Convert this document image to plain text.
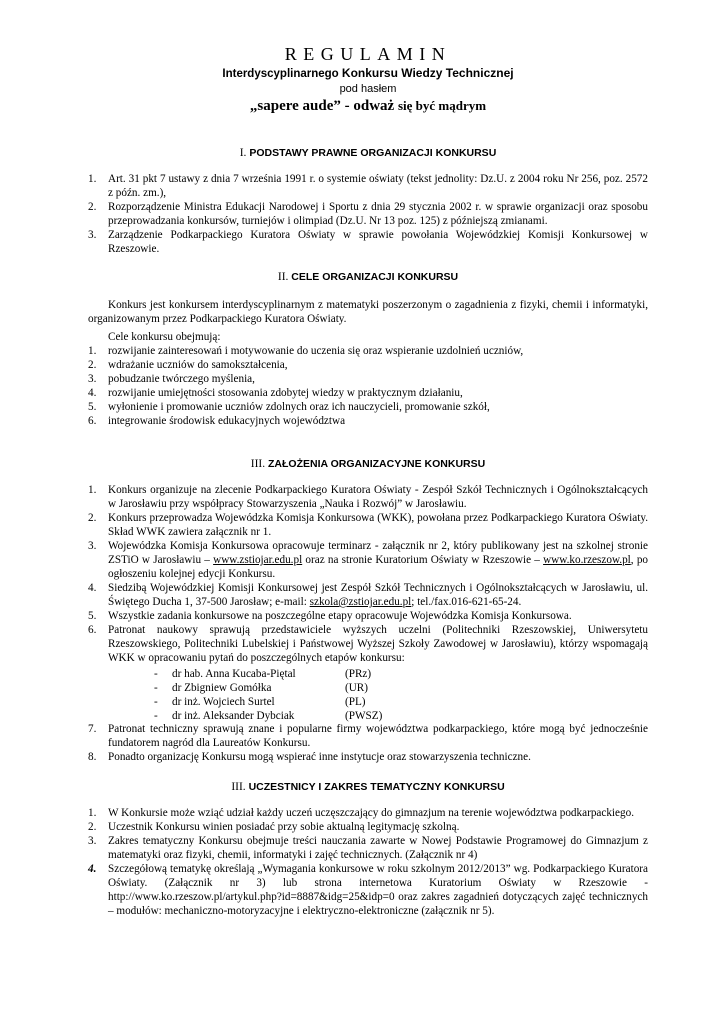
REGULAMIN
Interdyscyplinarnego Konkursu Wiedzy Technicznej
pod hasłem
„sapere aude” - odważ się być mądrym
I. PODSTAWY PRAWNE ORGANIZACJI KONKURSU
1. Art. 31 pkt 7 ustawy z dnia 7 września 1991 r. o systemie oświaty (tekst jednolity: Dz.U. z 2004 roku Nr 256, poz. 2572 z późn. zm.),
2. Rozporządzenie Ministra Edukacji Narodowej i Sportu z dnia 29 stycznia 2002 r. w sprawie organizacji oraz sposobu przeprowadzania konkursów, turniejów i olimpiad (Dz.U. Nr 13 poz. 125) z późniejszą zmianami.
3. Zarządzenie Podkarpackiego Kuratora Oświaty w sprawie powołania Wojewódzkiej Komisji Konkursowej w Rzeszowie.
II. CELE ORGANIZACJI KONKURSU
Konkurs jest konkursem interdyscyplinarnym z matematyki poszerzonym o zagadnienia z fizyki, chemii i informatyki, organizowanym przez Podkarpackiego Kuratora Oświaty.
Cele konkursu obejmują:
1. rozwijanie zainteresowań i motywowanie do uczenia się oraz wspieranie uzdolnień uczniów,
2. wdrażanie uczniów do samokształcenia,
3. pobudzanie twórczego myślenia,
4. rozwijanie umiejętności stosowania zdobytej wiedzy w praktycznym działaniu,
5. wyłonienie i promowanie uczniów zdolnych oraz ich nauczycieli, promowanie szkół,
6. integrowanie środowisk edukacyjnych województwa
III. ZAŁOŻENIA ORGANIZACYJNE KONKURSU
1. Konkurs organizuje na zlecenie Podkarpackiego Kuratora Oświaty - Zespół Szkół Technicznych i Ogólnokształcących w Jarosławiu przy współpracy Stowarzyszenia „Nauka i Rozwój” w Jarosławiu.
2. Konkurs przeprowadza Wojewódzka Komisja Konkursowa (WKK), powołana przez Podkarpackiego Kuratora Oświaty. Skład WWK zawiera załącznik nr 1.
3. Wojewódzka Komisja Konkursowa opracowuje terminarz - załącznik nr 2, który publikowany jest na szkolnej stronie ZSTiO w Jarosławiu – www.zstiojar.edu.pl oraz na stronie Kuratorium Oświaty w Rzeszowie – www.ko.rzeszow.pl, po ogłoszeniu kolejnej edycji Konkursu.
4. Siedzibą Wojewódzkiej Komisji Konkursowej jest Zespół Szkół Technicznych i Ogólnokształcących w Jarosławiu, ul. Świętego Ducha 1, 37-500 Jarosław; e-mail: szkola@zstiojar.edu.pl; tel./fax.016-621-65-24.
5. Wszystkie zadania konkursowe na poszczególne etapy opracowuje Wojewódzka Komisja Konkursowa.
6. Patronat naukowy sprawują przedstawiciele wyższych uczelni (Politechniki Rzeszowskiej, Uniwersytetu Rzeszowskiego, Politechniki Lubelskiej i Państwowej Wyższej Szkoły Zawodowej w Jarosławiu), którzy wspomagają WKK w opracowaniu pytań do poszczególnych etapów konkursu:
- dr hab. Anna Kucaba-Piętal	(PRz)
- dr Zbigniew Gomółka	(UR)
- dr inż. Wojciech Surtel	(PL)
- dr inż. Aleksander Dybciak	(PWSZ)
7. Patronat techniczny sprawują znane i popularne firmy województwa podkarpackiego, które mogą być jednocześnie fundatorem nagród dla Laureatów Konkursu.
8. Ponadto organizację Konkursu mogą wspierać inne instytucje oraz stowarzyszenia techniczne.
III. UCZESTNICY I ZAKRES TEMATYCZNY KONKURSU
1. W Konkursie może wziąć udział każdy uczeń uczęszczający do gimnazjum na terenie województwa podkarpackiego.
2. Uczestnik Konkursu winien posiadać przy sobie aktualną legitymację szkolną.
3. Zakres tematyczny Konkursu obejmuje treści nauczania zawarte w Nowej Podstawie Programowej do Gimnazjum z matematyki oraz fizyki, chemii, informatyki i zajęć technicznych. (Załącznik nr 4)
4. Szczegółową tematykę określają „Wymagania konkursowe w roku szkolnym 2012/2013” wg. Podkarpackiego Kuratora Oświaty. (Załącznik nr 3) lub strona internetowa Kuratorium Oświaty w Rzeszowie - http://www.ko.rzeszow.pl/artykul.php?id=8887&idg=25&idp=0 oraz zakres zagadnień dotyczących zajęć technicznych – modułów: mechaniczno-motoryzacyjne i elektryczno-elektroniczne (załącznik nr 5).
